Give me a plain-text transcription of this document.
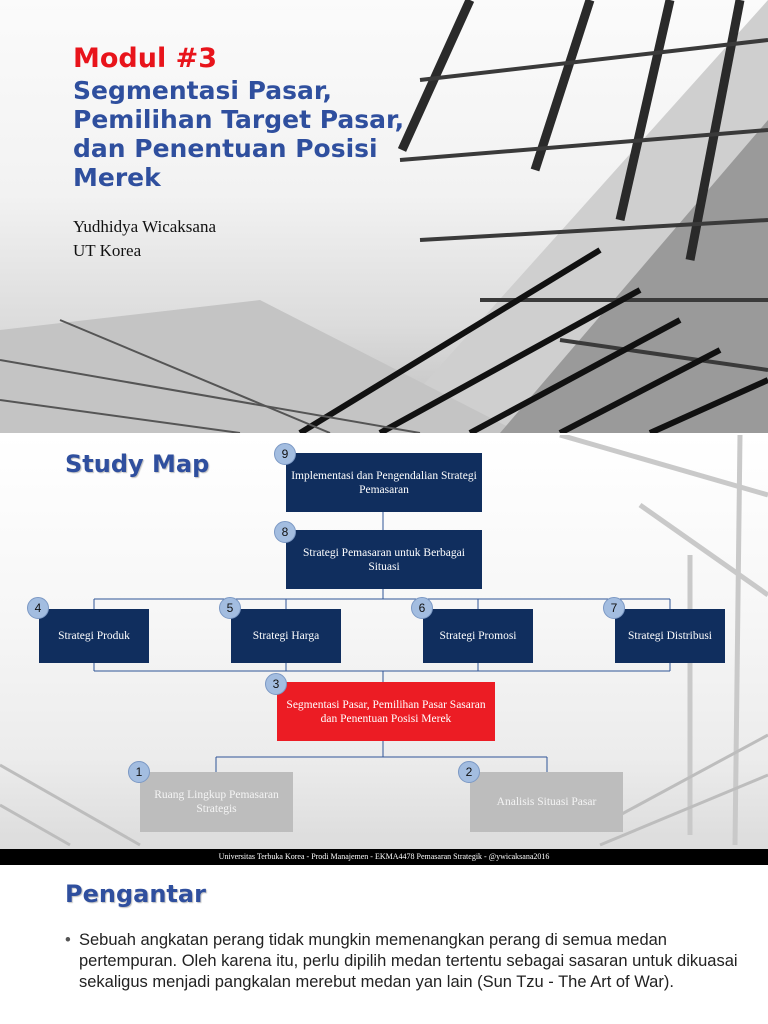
Modul #3
Segmentasi Pasar,
Pemilihan Target Pasar,
dan Penentuan Posisi
Merek
Yudhidya Wicaksana
UT Korea
Study Map	Implementasi dan Pengendalian Strategi Pemasaran
9
Strategi Pemasaran untuk Berbagai Situasi
8
Strategi Produk
4
Strategi Harga
5
Strategi Promosi
6
Strategi Distribusi
7
Segmentasi Pasar, Pemilihan Pasar Sasaran dan Penentuan Posisi Merek
3
Ruang Lingkup Pemasaran Strategis
1
Analisis Situasi Pasar
2
Universitas Terbuka Korea - Prodi Manajemen - EKMA4478 Pemasaran Strategik - @ywicaksana2016
Pengantar
• Sebuah angkatan perang tidak mungkin memenangkan perang di semua medan pertempuran. Oleh karena itu, perlu dipilih medan tertentu sebagai sasaran untuk dikuasai sekaligus menjadi pangkalan merebut medan yan lain (Sun Tzu - The Art of War).
